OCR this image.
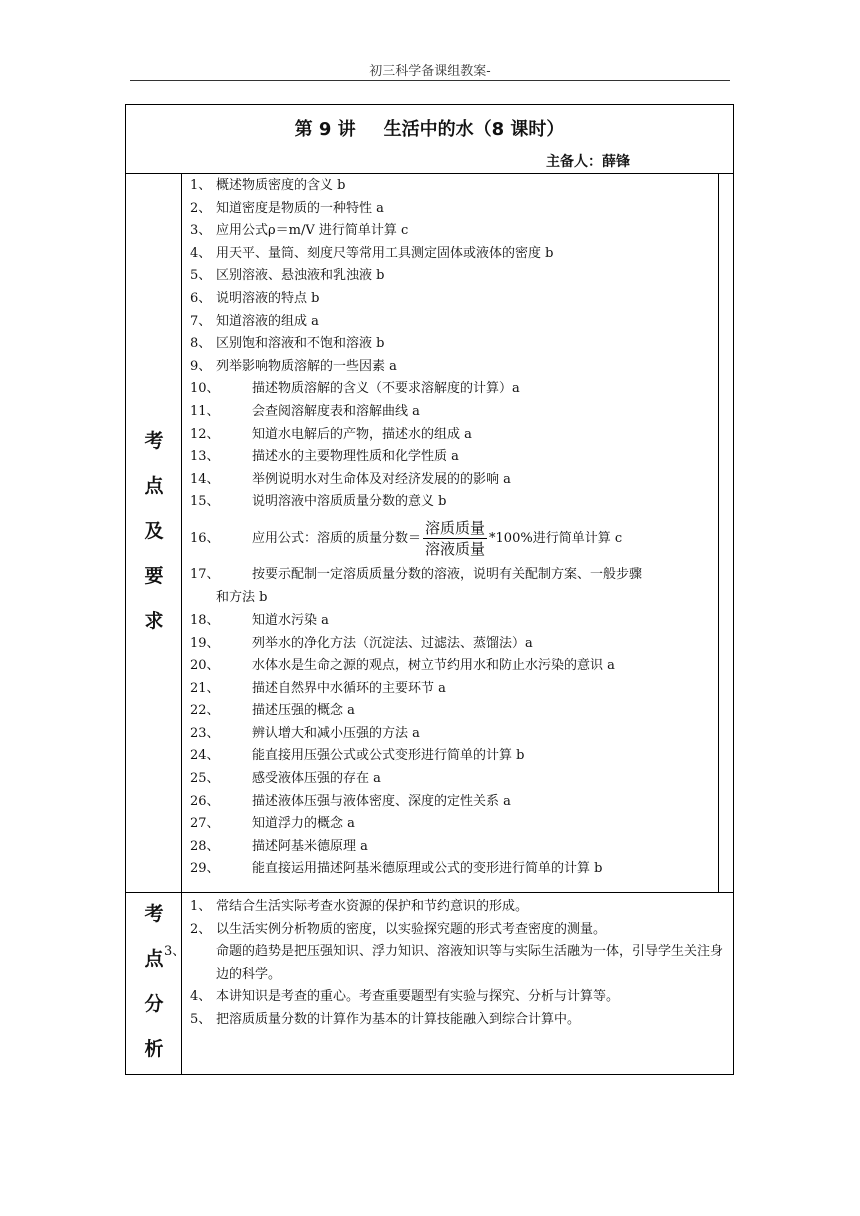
初三科学备课组教案-
第 9 讲 生活中的水（8 课时）
主备人：薛锋
考
点
及
要
求
1、 概述物质密度的含义 b
2、 知道密度是物质的一种特性 a
3、 应用公式ρ＝m/V 进行简单计算 c
4、 用天平、量筒、刻度尺等常用工具测定固体或液体的密度 b
5、 区别溶液、悬浊液和乳浊液 b
6、 说明溶液的特点 b
7、 知道溶液的组成 a
8、 区别饱和溶液和不饱和溶液 b
9、 列举影响物质溶解的一些因素 a
10、 描述物质溶解的含义（不要求溶解度的计算）a
11、 会查阅溶解度表和溶解曲线 a
12、 知道水电解后的产物，描述水的组成 a
13、 描述水的主要物理性质和化学性质 a
14、 举例说明水对生命体及对经济发展的的影响 a
15、 说明溶液中溶质质量分数的意义 b
16、 应用公式：溶质的质量分数＝ $\frac{\text{溶质质量}}{\text{溶液质量}} *100\%$进行简单计算 c
17、 按要示配制一定溶质质量分数的溶液，说明有关配制方案、一般步骤
和方法 b
18、 知道水污染 a
19、 列举水的净化方法（沉淀法、过滤法、蒸馏法）a
20、 水体水是生命之源的观点，树立节约用水和防止水污染的意识 a
21、 描述自然界中水循环的主要环节 a
22、 描述压强的概念 a
23、 辨认增大和减小压强的方法 a
24、 能直接用压强公式或公式变形进行简单的计算 b
25、 感受液体压强的存在 a
26、 描述液体压强与液体密度、深度的定性关系 a
27、 知道浮力的概念 a
28、 描述阿基米德原理 a
29、 能直接运用描述阿基米德原理或公式的变形进行简单的计算 b
考
点
分
析
1、 常结合生活实际考查水资源的保护和节约意识的形成。
2、 以生活实例分析物质的密度，以实验探究题的形式考查密度的测量。
3、 命题的趋势是把压强知识、浮力知识、溶液知识等与实际生活融为一体，引导学生关注身边的科学。
4、 本讲知识是考查的重心。考查重要题型有实验与探究、分析与计算等。
5、 把溶质质量分数的计算作为基本的计算技能融入到综合计算中。
